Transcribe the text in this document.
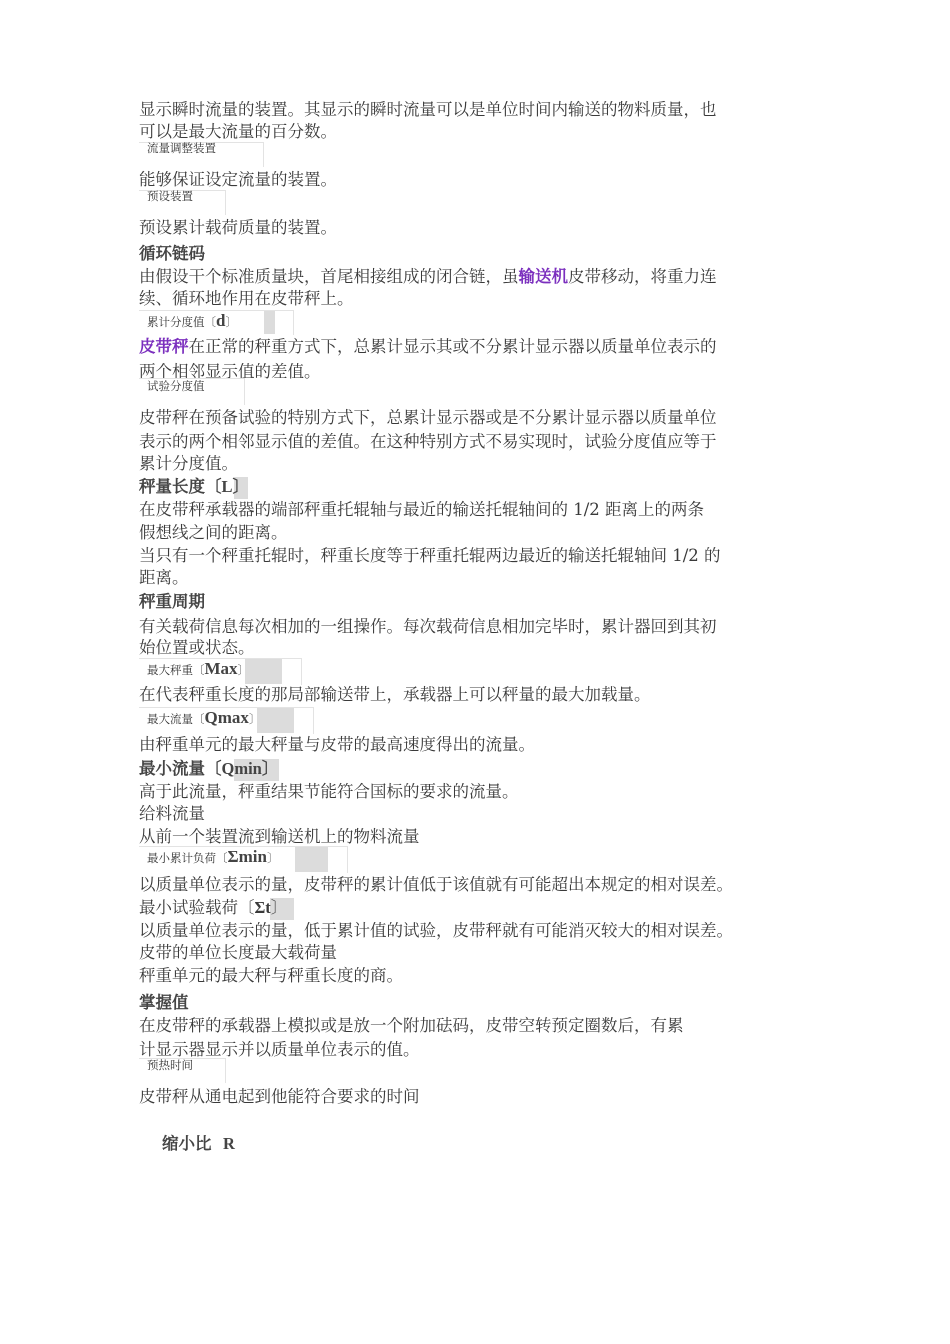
显示瞬时流量的装置。其显示的瞬时流量可以是单位时间内输送的物料质量，也
可以是最大流量的百分数。
流量调整装置
能够保证设定流量的装置。
预设装置
预设累计载荷质量的装置。
循环链码
由假设干个标准质量块，首尾相接组成的闭合链，虽输送机皮带移动，将重力连
续、循环地作用在皮带秤上。
累计分度值〔d〕
皮带秤在正常的秤重方式下，总累计显示其或不分累计显示器以质量单位表示的
两个相邻显示值的差值。
试验分度值
皮带秤在预备试验的特别方式下，总累计显示器或是不分累计显示器以质量单位
表示的两个相邻显示值的差值。在这种特别方式不易实现时，试验分度值应等于
累计分度值。
秤量长度〔L〕
在皮带秤承载器的端部秤重托辊轴与最近的输送托辊轴间的 1/2 距离上的两条
假想线之间的距离。
当只有一个秤重托辊时，秤重长度等于秤重托辊两边最近的输送托辊轴间 1/2 的
距离。
秤重周期
有关载荷信息每次相加的一组操作。每次载荷信息相加完毕时，累计器回到其初
始位置或状态。
最大秤重〔Max〕
在代表秤重长度的那局部输送带上，承载器上可以秤量的最大加载量。
最大流量〔Qmax〕
由秤重单元的最大秤量与皮带的最高速度得出的流量。
最小流量〔Qmin〕
高于此流量，秤重结果节能符合国标的要求的流量。
给料流量
从前一个装置流到输送机上的物料流量
最小累计负荷〔Σmin〕
以质量单位表示的量，皮带秤的累计值低于该值就有可能超出本规定的相对误差。
最小试验载荷〔Σt〕
以质量单位表示的量，低于累计值的试验，皮带秤就有可能消灭较大的相对误差。
皮带的单位长度最大载荷量
秤重单元的最大秤与秤重长度的商。
掌握值
在皮带秤的承载器上模拟或是放一个附加砝码，皮带空转预定圈数后，有累
计显示器显示并以质量单位表示的值。
预热时间
皮带秤从通电起到他能符合要求的时间

缩小比  R
